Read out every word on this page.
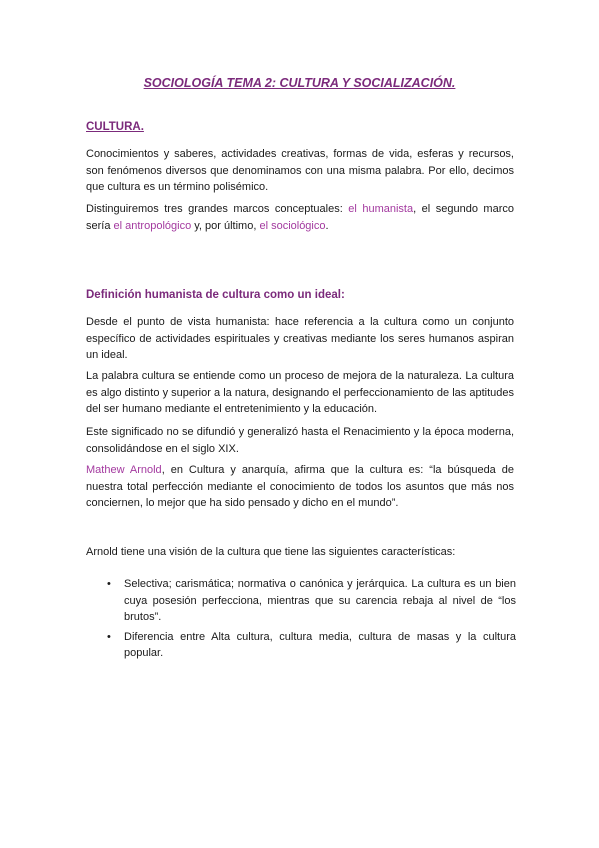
SOCIOLOGÍA TEMA 2: CULTURA Y SOCIALIZACIÓN.
CULTURA.

Conocimientos y saberes, actividades creativas, formas de vida, esferas y recursos, son fenómenos diversos que denominamos con una misma palabra. Por ello, decimos que cultura es un término polisémico.

Distinguiremos tres grandes marcos conceptuales: el humanista, el segundo marco sería el antropológico y, por último, el sociológico.

Definición humanista de cultura como un ideal:

Desde el punto de vista humanista: hace referencia a la cultura como un conjunto específico de actividades espirituales y creativas mediante los seres humanos aspiran un ideal.

La palabra cultura se entiende como un proceso de mejora de la naturaleza. La cultura es algo distinto y superior a la natura, designando el perfeccionamiento de las aptitudes del ser humano mediante el entretenimiento y la educación.

Este significado no se difundió y generalizó hasta el Renacimiento y la época moderna, consolidándose en el siglo XIX.

Mathew Arnold, en Cultura y anarquía, afirma que la cultura es: “la búsqueda de nuestra total perfección mediante el conocimiento de todos los asuntos que más nos conciernen, lo mejor que ha sido pensado y dicho en el mundo”.

Arnold tiene una visión de la cultura que tiene las siguientes características:

• Selectiva; carismática; normativa o canónica y jerárquica. La cultura es un bien cuya posesión perfecciona, mientras que su carencia rebaja al nivel de “los brutos”.
• Diferencia entre Alta cultura, cultura media, cultura de masas y la cultura popular.
